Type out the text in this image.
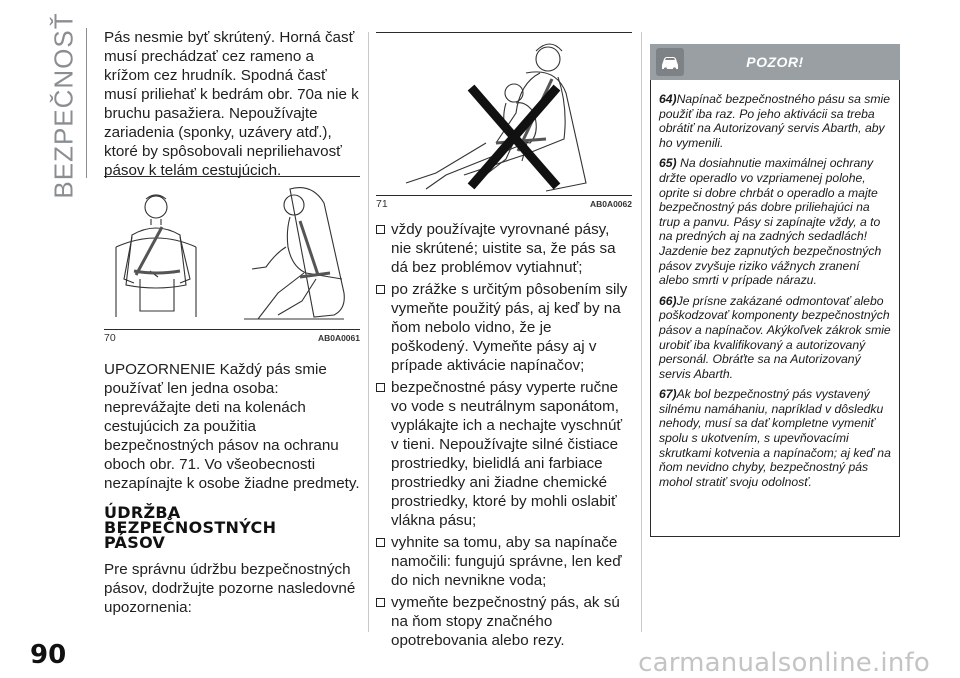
BEZPEČNOSŤ Pás nesmie byť skrútený. Horná časť musí prechádzať cez rameno a krížom cez hrudník. Spodná časť musí priliehať k bedrám obr. 70a nie k bruchu pasažiera. Nepoužívajte zariadenia (sponky, uzávery atď.), ktoré by spôsobovali nepriliehavosť pásov k telám cestujúcich.

70	AB0A0061

UPOZORNENIE Každý pás smie používať len jedna osoba: neprevážajte deti na kolenách cestujúcich za použitia bezpečnostných pásov na ochranu oboch obr. 71. Vo všeobecnosti nezapínajte k osobe žiadne predmety.

ÚDRŽBA
BEZPEČNOSTNÝCH
PÁSOV

Pre správnu údržbu bezpečnostných pásov, dodržujte pozorne nasledovné upozornenia:

71	AB0A0062
vždy používajte vyrovnané pásy, nie skrútené; uistite sa, že pás sa dá bez problémov vytiahnuť;
po zrážke s určitým pôsobením sily vymeňte použitý pás, aj keď by na ňom nebolo vidno, že je poškodený. Vymeňte pásy aj v prípade aktivácie napínačov;
bezpečnostné pásy vyperte ručne vo vode s neutrálnym saponátom, vyplákajte ich a nechajte vyschnúť v tieni. Nepoužívajte silné čistiace prostriedky, bielidlá ani farbiace prostriedky ani žiadne chemické prostriedky, ktoré by mohli oslabiť vlákna pásu;
vyhnite sa tomu, aby sa napínače namočili: fungujú správne, len keď do nich nevnikne voda;
vymeňte bezpečnostný pás, ak sú na ňom stopy značného opotrebovania alebo rezy.
POZOR!

64)Napínač bezpečnostného pásu sa smie použiť iba raz. Po jeho aktivácii sa treba obrátiť na Autorizovaný servis Abarth, aby ho vymenili.

65) Na dosiahnutie maximálnej ochrany držte operadlo vo vzpriamenej polohe, oprite si dobre chrbát o operadlo a majte bezpečnostný pás dobre priliehajúci na trup a panvu. Pásy si zapínajte vždy, a to na predných aj na zadných sedadlách! Jazdenie bez zapnutých bezpečnostných pásov zvyšuje riziko vážnych zranení alebo smrti v prípade nárazu.

66)Je prísne zakázané odmontovať alebo poškodzovať komponenty bezpečnostných pásov a napínačov. Akýkoľvek zákrok smie urobiť iba kvalifikovaný a autorizovaný personál. Obráťte sa na Autorizovaný servis Abarth.

67)Ak bol bezpečnostný pás vystavený silnému namáhaniu, napríklad v dôsledku nehody, musí sa dať kompletne vymeniť spolu s ukotvením, s upevňovacími skrutkami kotvenia a napínačom; aj keď na ňom nevidno chyby, bezpečnostný pás mohol stratiť svoju odolnosť.

90	carmanualsonline.info
